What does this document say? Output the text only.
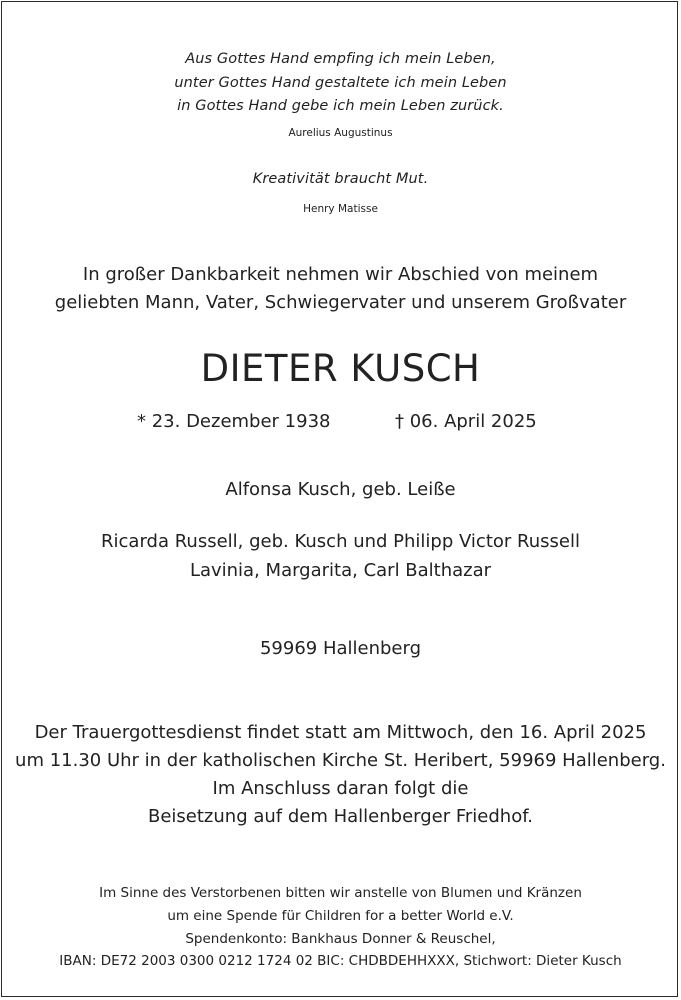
Aus Gottes Hand empfing ich mein Leben,
unter Gottes Hand gestaltete ich mein Leben
in Gottes Hand gebe ich mein Leben zurück.
Aurelius Augustinus
Kreativität braucht Mut.
Henry Matisse
In großer Dankbarkeit nehmen wir Abschied von meinem
geliebten Mann, Vater, Schwiegervater und unserem Großvater
DIETER KUSCH
* 23. Dezember 1938	† 06. April 2025
Alfonsa Kusch, geb. Leiße
Ricarda Russell, geb. Kusch und Philipp Victor Russell
Lavinia, Margarita, Carl Balthazar
59969 Hallenberg
Der Trauergottesdienst findet statt am Mittwoch, den 16. April 2025
um 11.30 Uhr in der katholischen Kirche St. Heribert, 59969 Hallenberg.
Im Anschluss daran folgt die
Beisetzung auf dem Hallenberger Friedhof.
Im Sinne des Verstorbenen bitten wir anstelle von Blumen und Kränzen
um eine Spende für Children for a better World e.V.
Spendenkonto: Bankhaus Donner & Reuschel,
IBAN: DE72 2003 0300 0212 1724 02 BIC: CHDBDEHHXXX, Stichwort: Dieter Kusch
